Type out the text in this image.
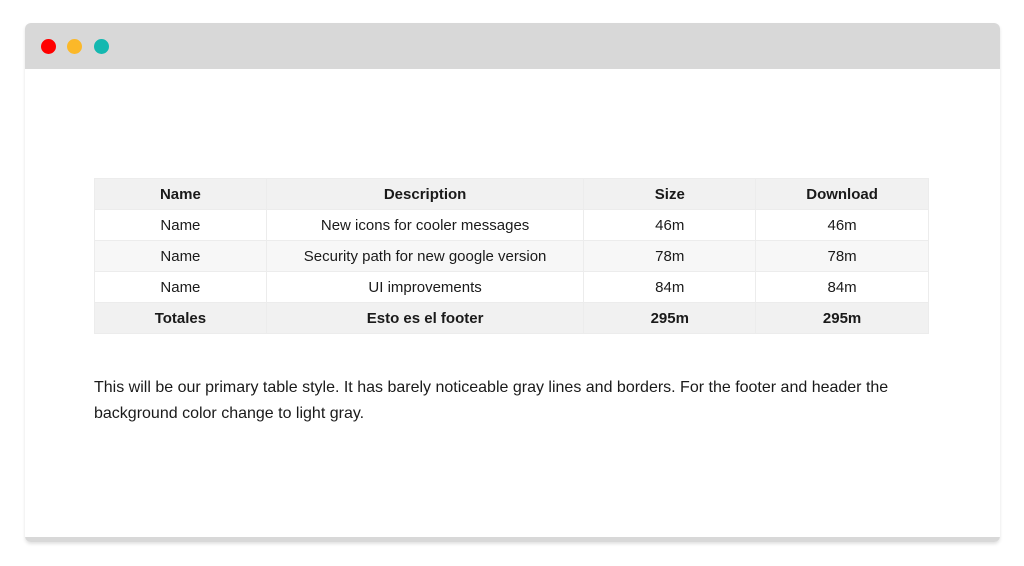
Name	Description	Size	Download
Name	New icons for cooler messages	46m	46m
Name	Security path for new google version	78m	78m
Name	UI improvements	84m	84m
Totales	Esto es el footer	295m	295m

This will be our primary table style. It has barely noticeable gray lines and borders. For the footer and header the background color change to light gray.
